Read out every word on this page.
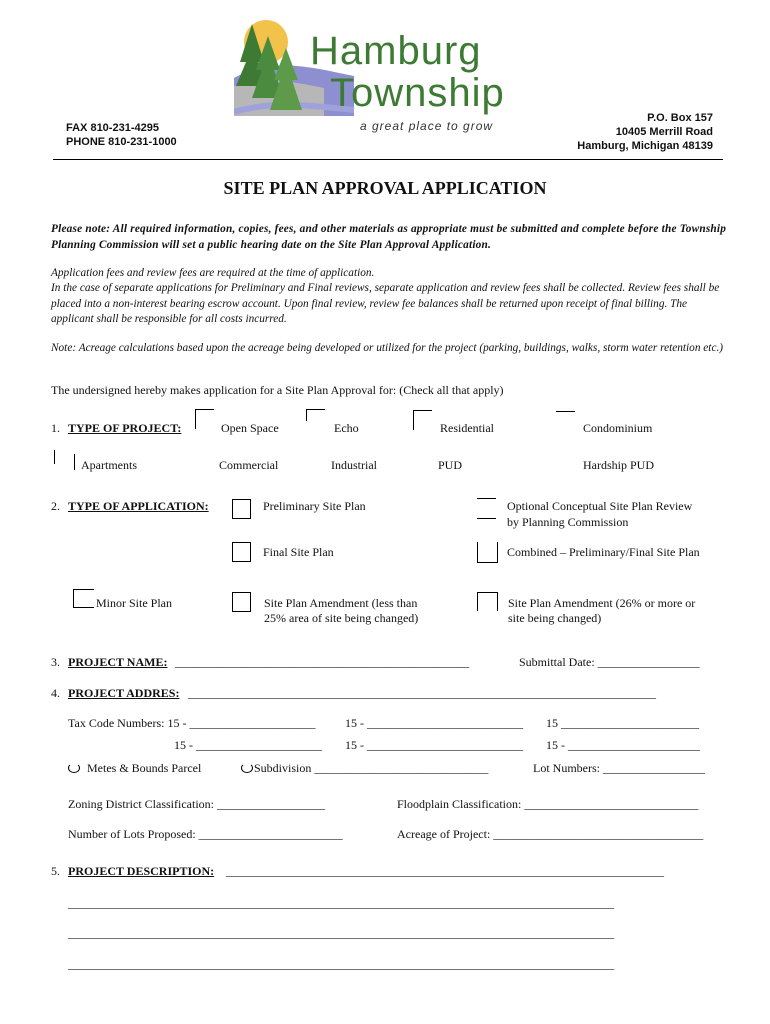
Hamburg
Township
a great place to grow
FAX 810-231-4295
PHONE 810-231-1000
P.O. Box 157
10405 Merrill Road
Hamburg, Michigan 48139
SITE PLAN APPROVAL APPLICATION
Please note: All required information, copies, fees, and other materials as appropriate must be submitted and complete before the Township Planning Commission will set a public hearing date on the Site Plan Approval Application.
Application fees and review fees are required at the time of application.
In the case of separate applications for Preliminary and Final reviews, separate application and review fees shall be collected. Review fees shall be placed into a non-interest bearing escrow account. Upon final review, review fee balances shall be returned upon receipt of final billing. The applicant shall be responsible for all costs incurred.
Note: Acreage calculations based upon the acreage being developed or utilized for the project (parking, buildings, walks, storm water retention etc.)
The undersigned hereby makes application for a Site Plan Approval for: (Check all that apply)
1. TYPE OF PROJECT:	Open Space	Echo	Residential	Condominium
Apartments	Commercial	Industrial	PUD	Hardship PUD
2. TYPE OF APPLICATION:	Preliminary Site Plan	Optional Conceptual Site Plan Review
by Planning Commission
Final Site Plan	Combined – Preliminary/Final Site Plan
Minor Site Plan	Site Plan Amendment (less than
25% area of site being changed)
Site Plan Amendment (26% or more or
site being changed)
3. PROJECT NAME: _________________________________________________	Submittal Date: _________________
4. PROJECT ADDRES: ______________________________________________________________________________
Tax Code Numbers: 15 - _____________________ 15 - __________________________ 15 _______________________
15 - _____________________ 15 - __________________________ 15 - ______________________
Metes & Bounds Parcel	Subdivision _____________________________	Lot Numbers: _________________
Zoning District Classification: __________________	Floodplain Classification: _____________________________
Number of Lots Proposed: ________________________	Acreage of Project: ___________________________________
5. PROJECT DESCRIPTION: _________________________________________________________________________
___________________________________________________________________________________________
___________________________________________________________________________________________
___________________________________________________________________________________________
